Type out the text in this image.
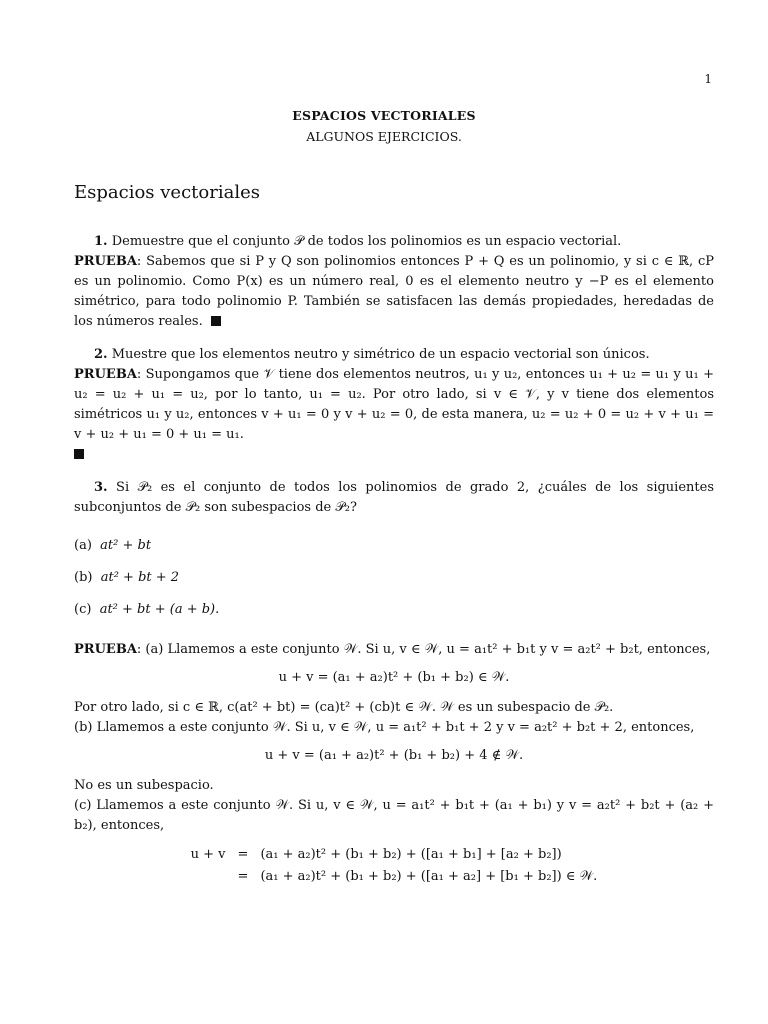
1
ESPACIOS VECTORIALES
ALGUNOS EJERCICIOS.
Espacios vectoriales

1. Demuestre que el conjunto 𝒫 de todos los polinomios es un espacio vectorial.

PRUEBA: Sabemos que si P y Q son polinomios entonces P + Q es un polinomio, y si c ∈ ℝ, cP es un polinomio. Como P(x) es un número real, 0 es el elemento neutro y −P es el elemento simétrico, para todo polinomio P. También se satisfacen las demás propiedades, heredadas de los números reales.

2. Muestre que los elementos neutro y simétrico de un espacio vectorial son únicos.

PRUEBA: Supongamos que 𝒱 tiene dos elementos neutros, u₁ y u₂, entonces u₁ + u₂ = u₁ y u₁ + u₂ = u₂ + u₁ = u₂, por lo tanto, u₁ = u₂. Por otro lado, si v ∈ 𝒱, y v tiene dos elementos simétricos u₁ y u₂, entonces v + u₁ = 0 y v + u₂ = 0, de esta manera, u₂ = u₂ + 0 = u₂ + v + u₁ = v + u₂ + u₁ = 0 + u₁ = u₁.

3. Si 𝒫₂ es el conjunto de todos los polinomios de grado 2, ¿cuáles de los siguientes subconjuntos de 𝒫₂ son subespacios de 𝒫₂?

(a) at² + bt

(b) at² + bt + 2

(c) at² + bt + (a + b).

PRUEBA: (a) Llamemos a este conjunto 𝒲. Si u, v ∈ 𝒲, u = a₁t² + b₁t y v = a₂t² + b₂t, entonces,

u + v = (a₁ + a₂)t² + (b₁ + b₂) ∈ 𝒲.

Por otro lado, si c ∈ ℝ, c(at² + bt) = (ca)t² + (cb)t ∈ 𝒲. 𝒲 es un subespacio de 𝒫₂.

(b) Llamemos a este conjunto 𝒲. Si u, v ∈ 𝒲, u = a₁t² + b₁t + 2 y v = a₂t² + b₂t + 2, entonces,

u + v = (a₁ + a₂)t² + (b₁ + b₂) + 4 ∉ 𝒲.

No es un subespacio.

(c) Llamemos a este conjunto 𝒲. Si u, v ∈ 𝒲, u = a₁t² + b₁t + (a₁ + b₁) y v = a₂t² + b₂t + (a₂ + b₂), entonces,

u + v	=	(a₁ + a₂)t² + (b₁ + b₂) + ([a₁ + b₁] + [a₂ + b₂])
	=	(a₁ + a₂)t² + (b₁ + b₂) + ([a₁ + a₂] + [b₁ + b₂]) ∈ 𝒲.
